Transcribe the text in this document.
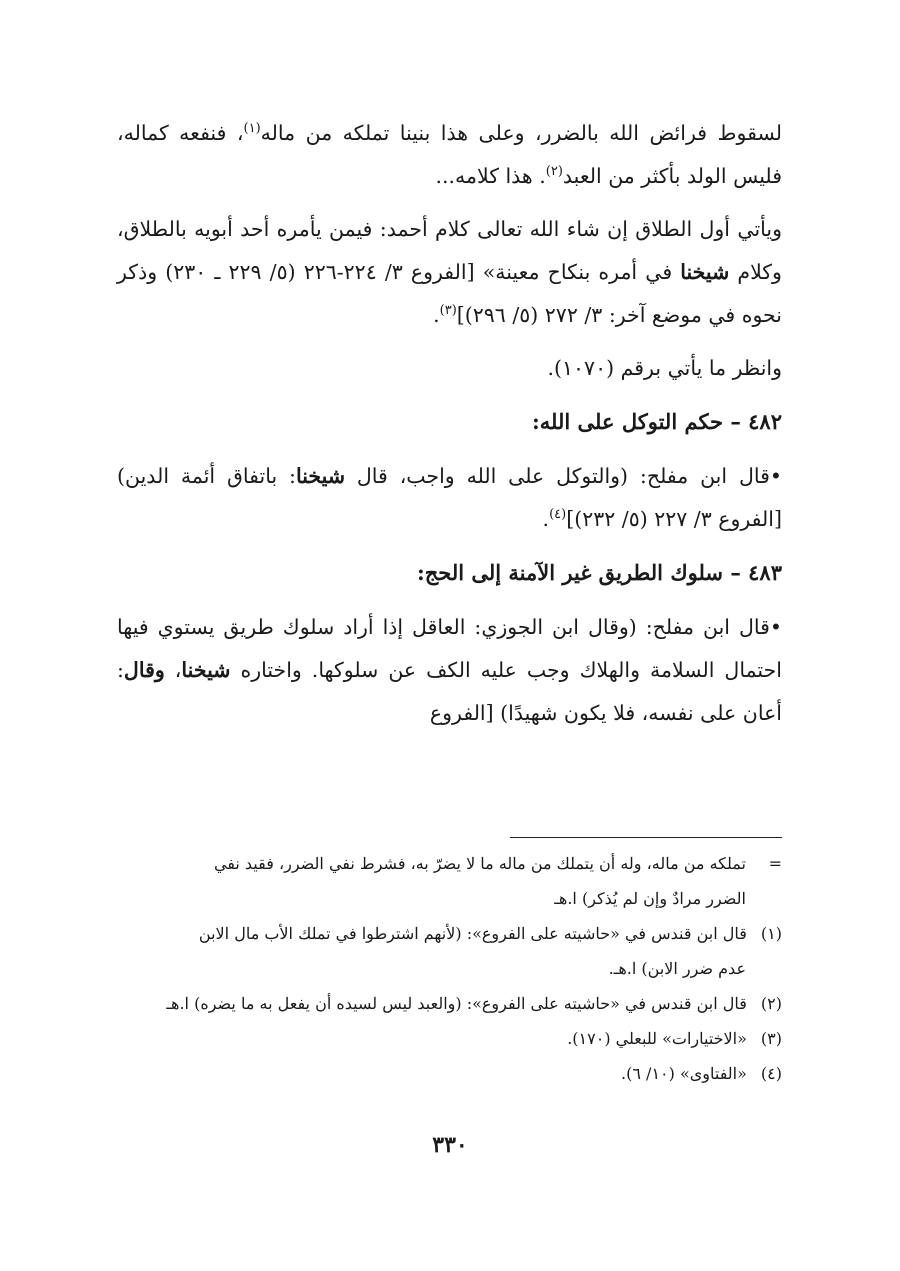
لسقوط فرائض الله بالضرر، وعلى هذا بنينا تملكه من ماله$^{(١)}$، فنفعه كماله، فليس الولد بأكثر من العبد$^{(٢)}$. هذا كلامه...

ويأتي أول الطلاق إن شاء الله تعالى كلام أحمد: فيمن يأمره أحد أبويه بالطلاق، وكلام شيخنا في أمره بنكاح معينة» [الفروع ٣/ ٢٢٤-٢٢٦ (٥/ ٢٢٩ ـ ٢٣٠) وذكر نحوه في موضع آخر: ٣/ ٢٧٢ (٥/ ٢٩٦)]$^{(٣)}$.

وانظر ما يأتي برقم (١٠٧٠).

٤٨٢ – حكم التوكل على الله:

•قال ابن مفلح: (والتوكل على الله واجب، قال شيخنا: باتفاق أئمة الدين) [الفروع ٣/ ٢٢٧ (٥/ ٢٣٢)]$^{(٤)}$.

٤٨٣ – سلوك الطريق غير الآمنة إلى الحج:

•قال ابن مفلح: (وقال ابن الجوزي: العاقل إذا أراد سلوك طريق يستوي فيها احتمال السلامة والهلاك وجب عليه الكف عن سلوكها. واختاره شيخنا، وقال: أعان على نفسه، فلا يكون شهيدًا) [الفروع

=تملكه من ماله، وله أن يتملك من ماله ما لا يضرّ به، فشرط نفي الضرر، فقيد نفي

الضرر مرادٌ وإن لم يُذكر) ا.هـ

(١) قال ابن قندس في «حاشيته على الفروع»: (لأنهم اشترطوا في تملك الأب مال الابن

عدم ضرر الابن) ا.هـ.

(٢) قال ابن قندس في «حاشيته على الفروع»: (والعبد ليس لسيده أن يفعل به ما يضره) ا.هـ

(٣) «الاختيارات» للبعلي (١٧٠).

(٤) «الفتاوى» (١٠/ ٦).

٣٣٠
